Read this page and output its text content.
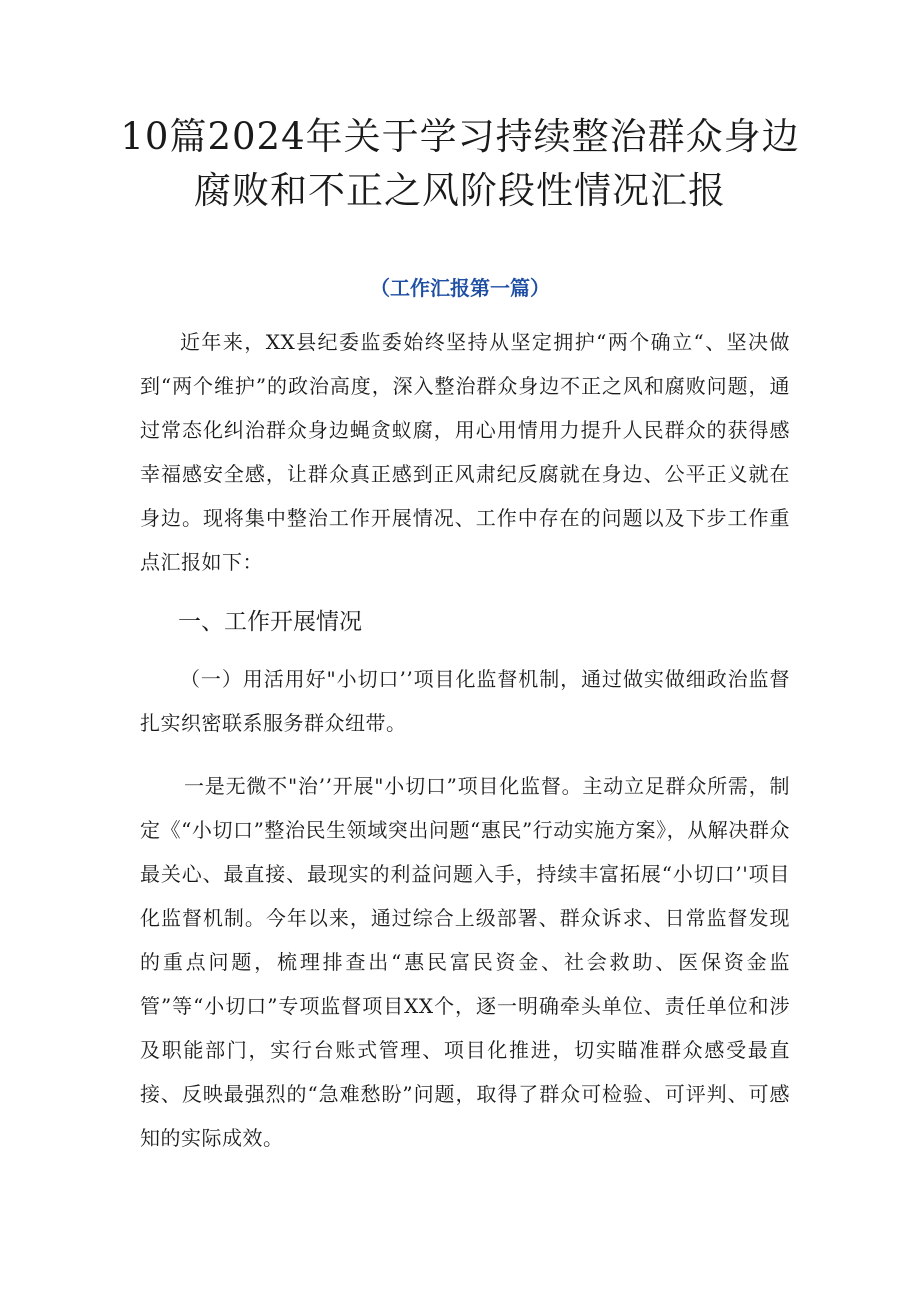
10篇2024年关于学习持续整治群众身边腐败和不正之风阶段性情况汇报

（工作汇报第一篇）

近年来，XX县纪委监委始终坚持从坚定拥护“两个确立“、坚决做到“两个维护”的政治高度，深入整治群众身边不正之风和腐败问题，通过常态化纠治群众身边蝇贪蚁腐，用心用情用力提升人民群众的获得感幸福感安全感，让群众真正感到正风肃纪反腐就在身边、公平正义就在身边。现将集中整治工作开展情况、工作中存在的问题以及下步工作重点汇报如下：

一、工作开展情况

（一）用活用好"小切口’’项目化监督机制，通过做实做细政治监督扎实织密联系服务群众纽带。

一是无微不"治’’开展"小切口”项目化监督。主动立足群众所需，制定《“小切口”整治民生领域突出问题“惠民”行动实施方案》，从解决群众最关心、最直接、最现实的利益问题入手，持续丰富拓展“小切口’'项目化监督机制。今年以来，通过综合上级部署、群众诉求、日常监督发现的重点问题，梳理排查出“惠民富民资金、社会救助、医保资金监管”等“小切口”专项监督项目XX个，逐一明确牵头单位、责任单位和涉及职能部门，实行台账式管理、项目化推进，切实瞄准群众感受最直接、反映最强烈的“急难愁盼”问题，取得了群众可检验、可评判、可感知的实际成效。
